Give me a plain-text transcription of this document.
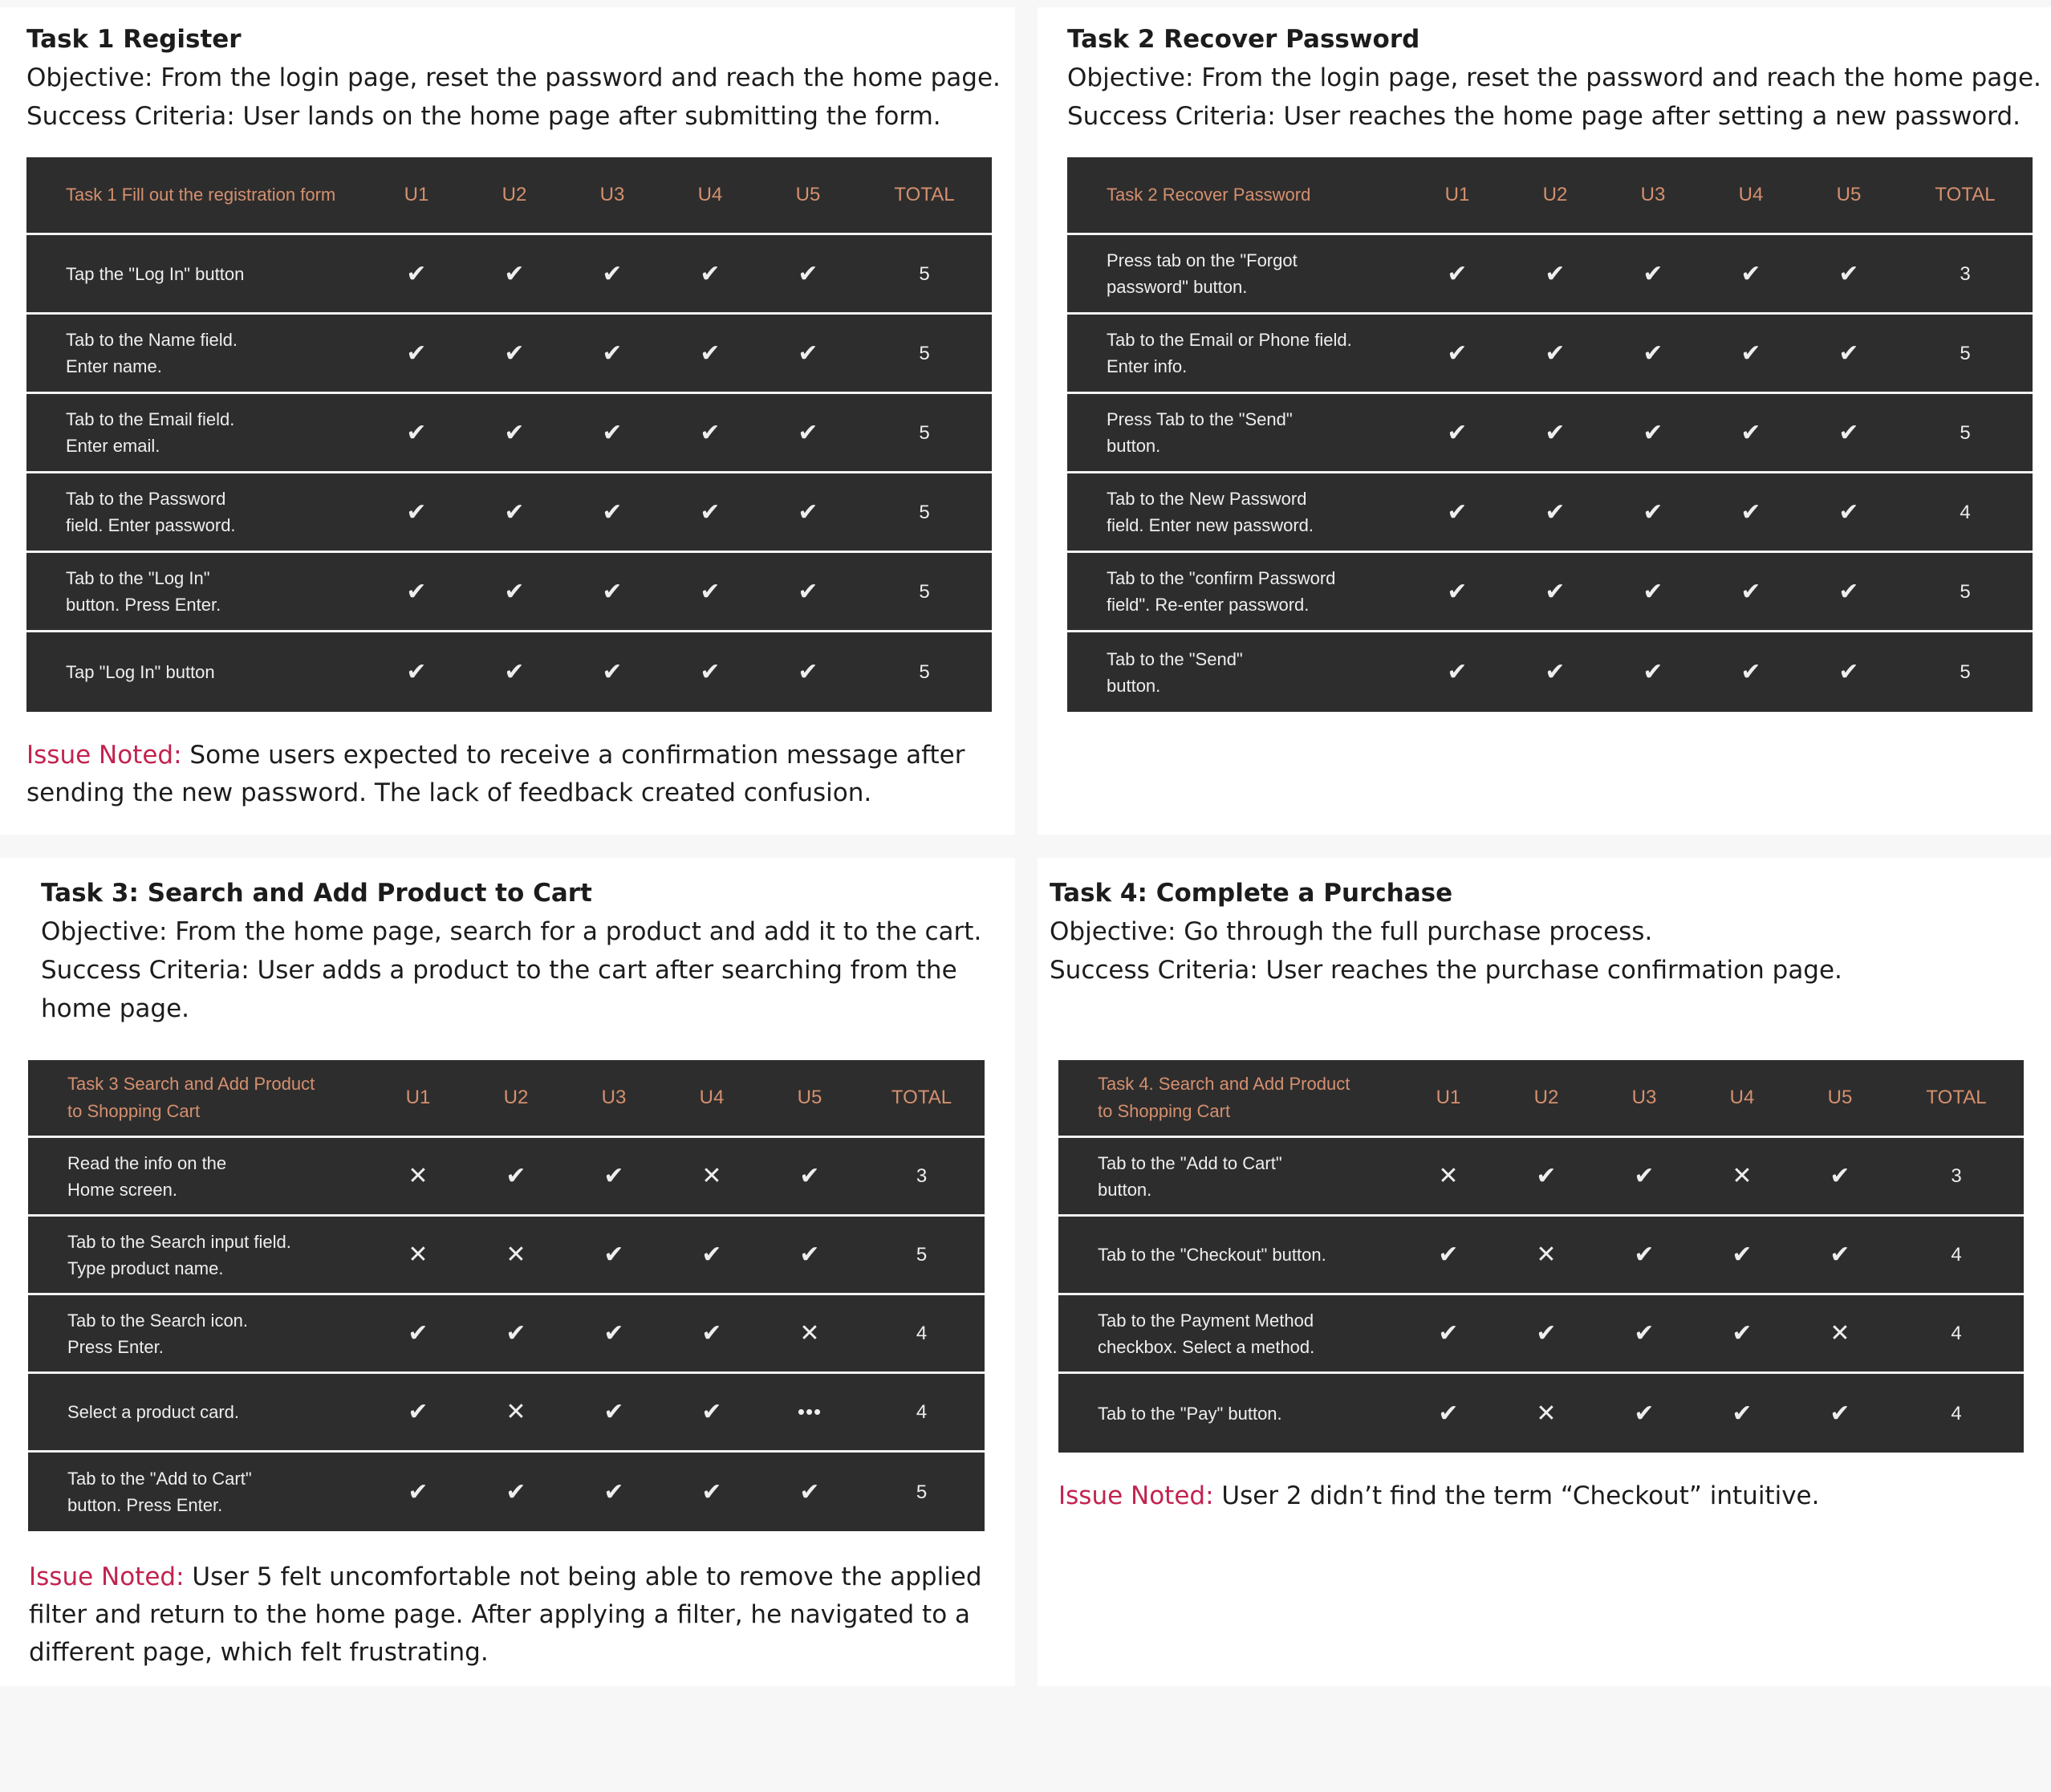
Task 1 Register
Objective: From the login page, reset the password and reach the home page.
Success Criteria: User lands on the home page after submitting the form.
Task 1 Fill out the registration form	U1	U2	U3	U4	U5	TOTAL
Tap the "Log In" button	✔	✔	✔	✔	✔	5
Tab to the Name field.
Enter name.	✔	✔	✔	✔	✔	5
Tab to the Email field.
Enter email.	✔	✔	✔	✔	✔	5
Tab to the Password
field. Enter password.	✔	✔	✔	✔	✔	5
Tab to the "Log In"
button. Press Enter.	✔	✔	✔	✔	✔	5
Tap "Log In" button	✔	✔	✔	✔	✔	5
Issue Noted: Some users expected to receive a confirmation message after sending the new password. The lack of feedback created confusion.
Task 2 Recover Password
Objective: From the login page, reset the password and reach the home page.
Success Criteria: User reaches the home page after setting a new password.
Task 2 Recover Password	U1	U2	U3	U4	U5	TOTAL
Press tab on the "Forgot
password" button.	✔	✔	✔	✔	✔	3
Tab to the Email or Phone field.
Enter info.	✔	✔	✔	✔	✔	5
Press Tab to the "Send"
button.	✔	✔	✔	✔	✔	5
Tab to the New Password
field. Enter new password.	✔	✔	✔	✔	✔	4
Tab to the "confirm Password
field". Re-enter password.	✔	✔	✔	✔	✔	5
Tab to the "Send"
button.	✔	✔	✔	✔	✔	5
Task 3: Search and Add Product to Cart
Objective: From the home page, search for a product and add it to the cart.
Success Criteria: User adds a product to the cart after searching from the home page.
Task 3 Search and Add Product
to Shopping Cart	U1	U2	U3	U4	U5	TOTAL
Read the info on the
Home screen.	✕	✔	✔	✕	✔	3
Tab to the Search input field.
Type product name.	✕	✕	✔	✔	✔	5
Tab to the Search icon.
Press Enter.	✔	✔	✔	✔	✕	4
Select a product card.	✔	✕	✔	✔	•••	4
Tab to the "Add to Cart"
button. Press Enter.	✔	✔	✔	✔	✔	5
Issue Noted: User 5 felt uncomfortable not being able to remove the applied filter and return to the home page. After applying a filter, he navigated to a different page, which felt frustrating.
Task 4: Complete a Purchase
Objective: Go through the full purchase process.
Success Criteria: User reaches the purchase confirmation page.
Task 4. Search and Add Product
to Shopping Cart	U1	U2	U3	U4	U5	TOTAL
Tab to the "Add to Cart"
button.	✕	✔	✔	✕	✔	3
Tab to the "Checkout" button.	✔	✕	✔	✔	✔	4
Tab to the Payment Method
checkbox. Select a method.	✔	✔	✔	✔	✕	4
Tab to the "Pay" button.	✔	✕	✔	✔	✔	4
Issue Noted: User 2 didn’t find the term “Checkout” intuitive.
